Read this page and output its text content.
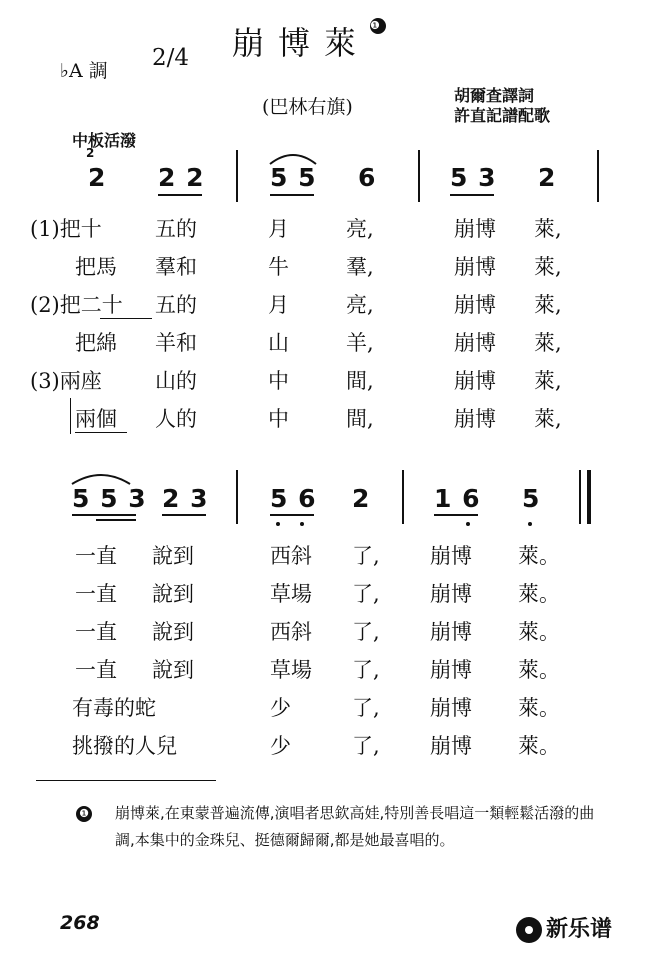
崩博萊❶
♭A 調 2/4
(巴林右旗)
胡爾査譯詞
許直記譜配歌
中板活潑
2
2 2 2	5 5 6	5 3 2
(1)把十	五的	月	亮,	崩博 萊,
把馬 羣和	牛	羣,	崩博 萊,
(2)把二十 五的	月	亮,	崩博 萊,
把綿 羊和	山	羊,	崩博 萊,
(3)兩座	山的	中	間,	崩博 萊,
兩個 人的	中	間,	崩博 萊,
5 5 3 2 3 5 6 2	1 6 5
一直 說到	西斜 了, 崩博 萊。
一直 說到	草場 了, 崩博 萊。
一直 說到	西斜 了, 崩博 萊。
一直 說到	草場 了, 崩博 萊。
有毒的蛇	少	了, 崩博 萊。
挑撥的人兒	少	了, 崩博 萊。
❶ 崩博萊,在東蒙普遍流傳,演唱者思欽高娃,特別善長唱這一類輕鬆活潑的曲調,本集中的金珠兒、挺德爾歸爾,都是她最喜唱的。
268	新乐谱
